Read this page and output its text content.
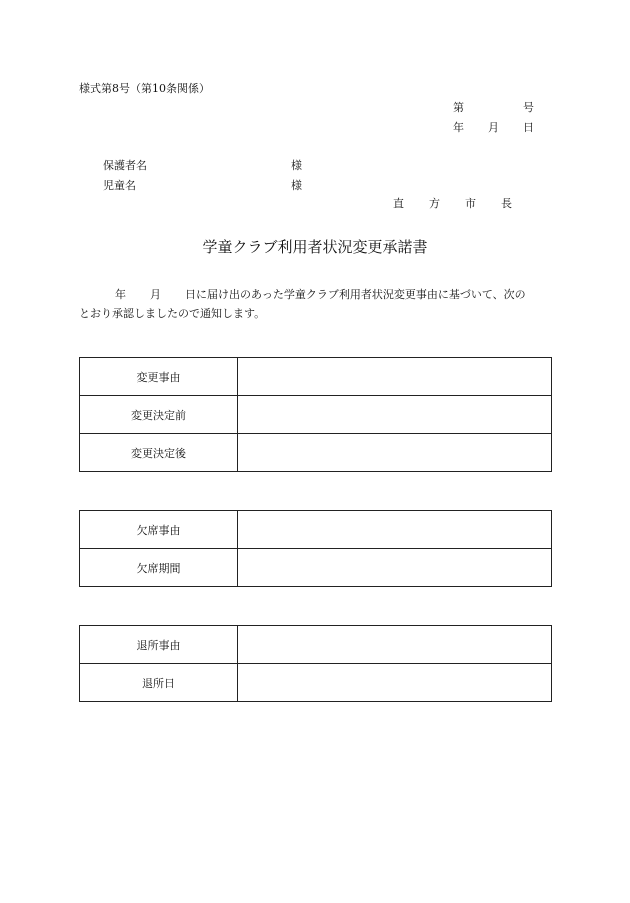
様式第8号（第10条関係）
第	号
年 月 日
保護者名	様
児童名	様
直　方　市　長
学童クラブ利用者状況変更承諾書
年 月 日に届け出のあった学童クラブ利用者状況変更事由に基づいて、次の
とおり承認しましたので通知します。
変更事由	
変更決定前	
変更決定後	
欠席事由	
欠席期間	
退所事由	
退所日	
